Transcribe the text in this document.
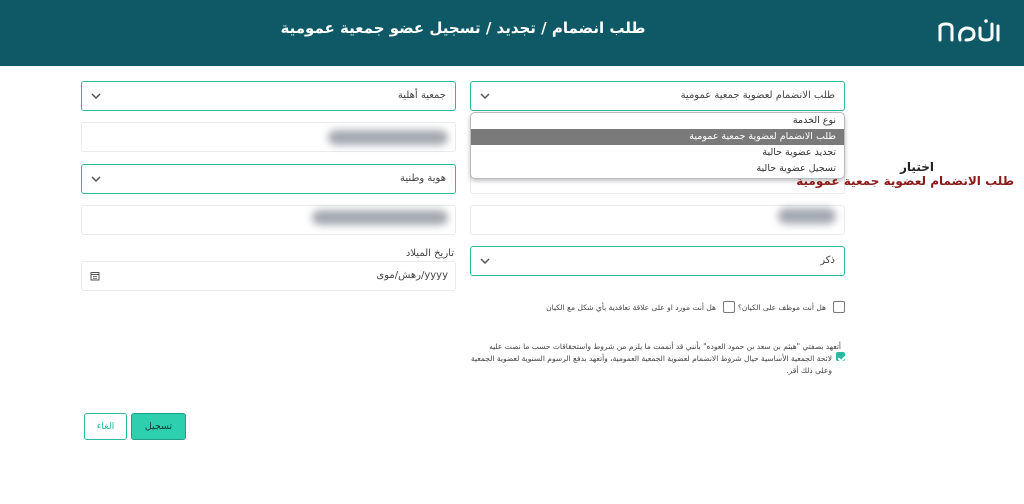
طلب انضمام / تجديد / تسجيل عضو جمعية عمومية
جمعية أهلية	طلب الانضمام لعضوية جمعية عمومية
هوية وطنية
تاريخ الميلاد
yyyy/رهش/موی
ذكر
نوع الخدمة
طلب الانضمام لعضوية جمعية عمومية
تجديد عضوية حالية
تسجيل عضوية حالية	اختيار
طلب الانضمام لعضوية جمعية عمومية
هل أنت موظف على الكيان؟
هل أنت مورد او على علاقة تعاقدية بأي شكل مع الكيان
أتعهد بصفتي "هيثم بن سعد بن حمود العوده" بأنني قد أتممت ما يلزم من شروط واستحقاقات حسب ما نصت عليه
لائحة الجمعية الأساسية حيال شروط الانضمام لعضوية الجمعية العمومية، وأتعهد بدفع الرسوم السنوية لعضوية الجمعية
وعلى ذلك أقر.
تسجيل
الغاء
